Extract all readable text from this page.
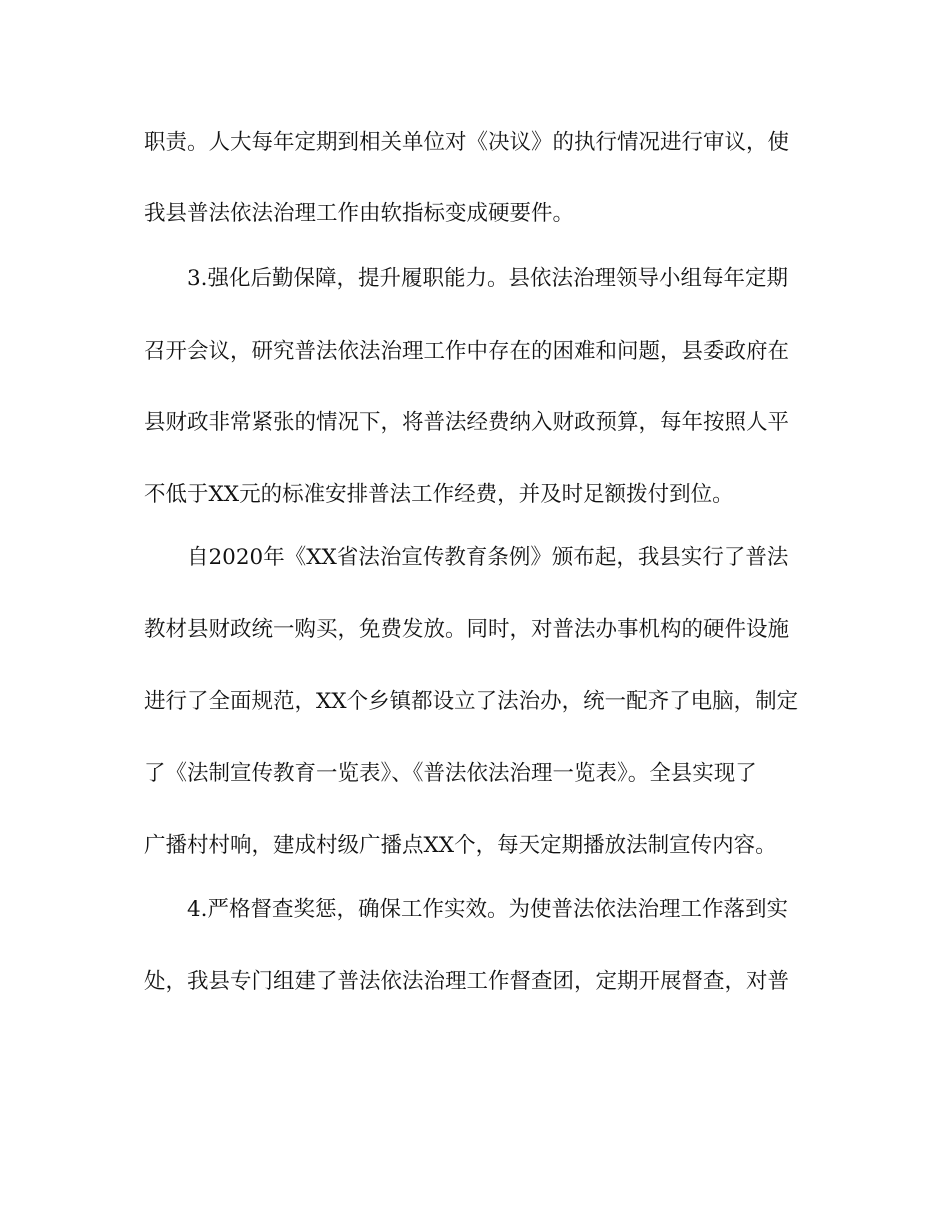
职责。人大每年定期到相关单位对《决议》的执行情况进行审议，使

我县普法依法治理工作由软指标变成硬要件。

3.强化后勤保障，提升履职能力。县依法治理领导小组每年定期

召开会议，研究普法依法治理工作中存在的困难和问题，县委政府在

县财政非常紧张的情况下，将普法经费纳入财政预算，每年按照人平

不低于XX元的标准安排普法工作经费，并及时足额拨付到位。

自2020年《XX省法治宣传教育条例》颁布起，我县实行了普法

教材县财政统一购买，免费发放。同时，对普法办事机构的硬件设施

进行了全面规范，XX个乡镇都设立了法治办，统一配齐了电脑，制定

了《法制宣传教育一览表》、《普法依法治理一览表》。全县实现了

广播村村响，建成村级广播点XX个，每天定期播放法制宣传内容。

4.严格督查奖惩，确保工作实效。为使普法依法治理工作落到实

处，我县专门组建了普法依法治理工作督查团，定期开展督查，对普
